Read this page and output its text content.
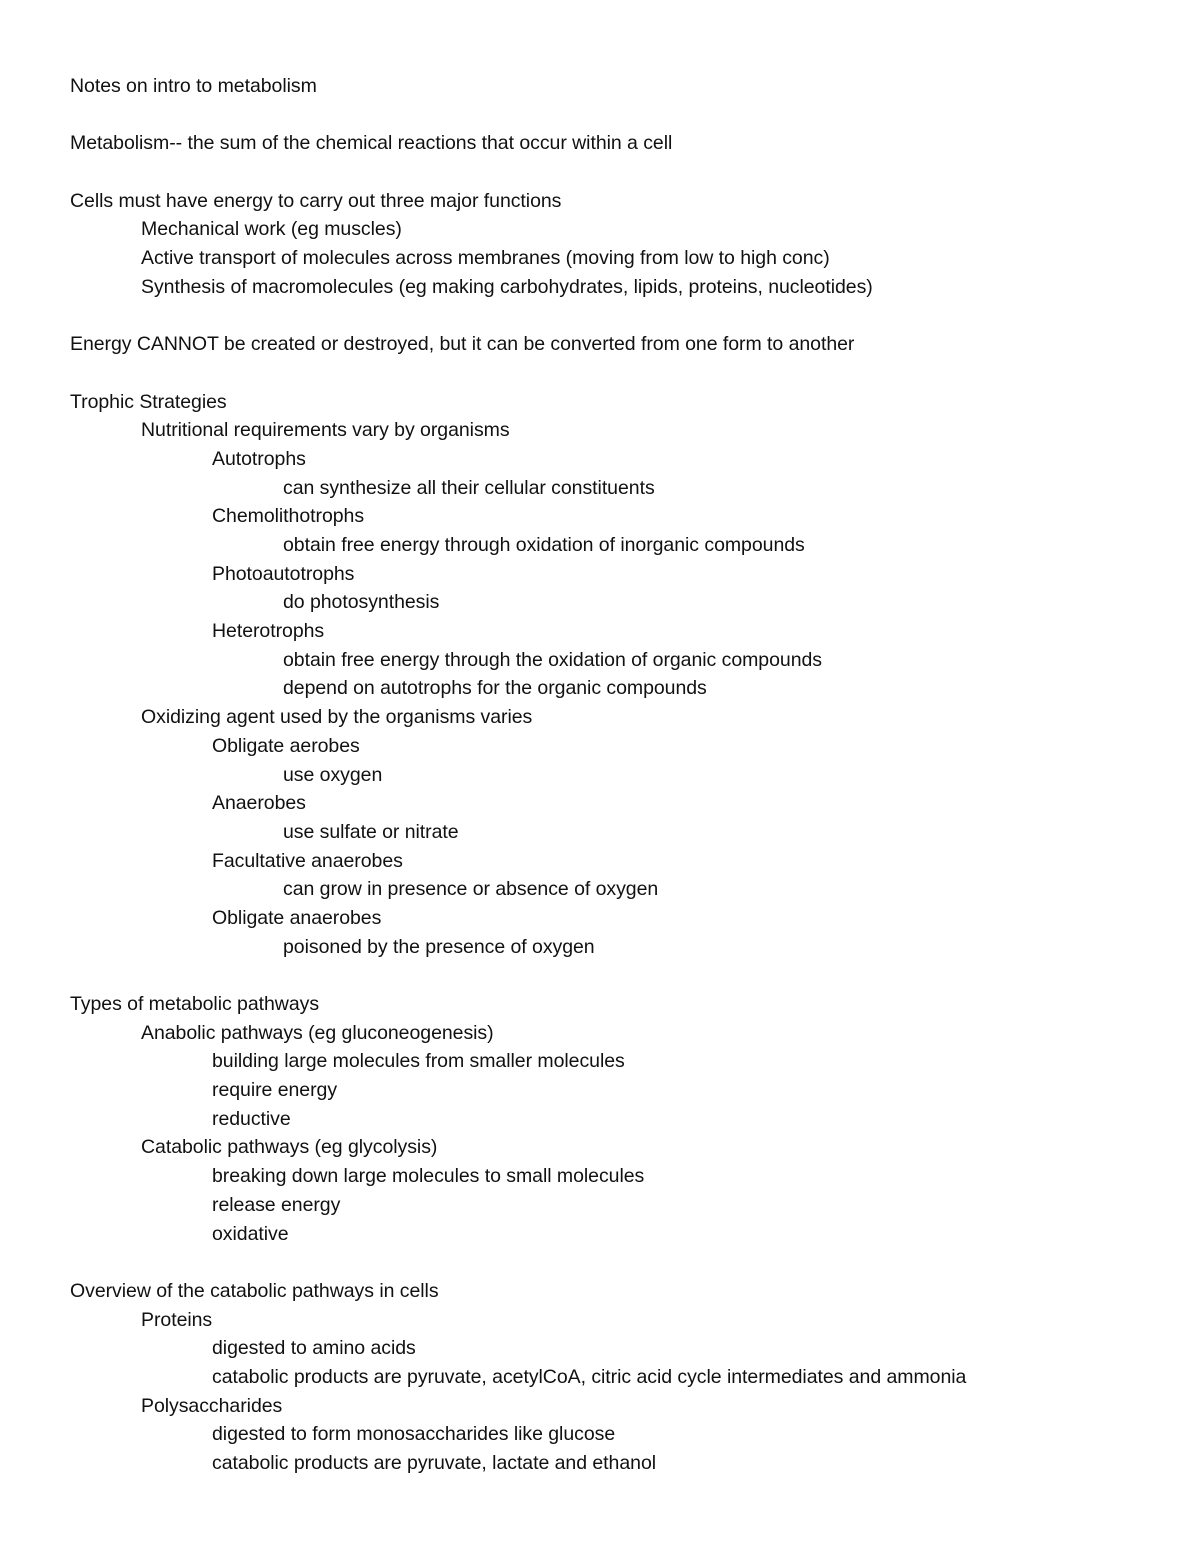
Notes on intro to metabolism
Metabolism-- the sum of the chemical reactions that occur within a cell
Cells must have energy to carry out three major functions
Mechanical work (eg muscles)
Active transport of molecules across membranes (moving from low to high conc)
Synthesis of macromolecules (eg making carbohydrates, lipids, proteins, nucleotides)
Energy CANNOT be created or destroyed, but it can be converted from one form to another
Trophic Strategies
Nutritional requirements vary by organisms
Autotrophs
can synthesize all their cellular constituents
Chemolithotrophs
obtain free energy through oxidation of inorganic compounds
Photoautotrophs
do photosynthesis
Heterotrophs
obtain free energy through the oxidation of organic compounds
depend on autotrophs for the organic compounds
Oxidizing agent used by the organisms varies
Obligate aerobes
use oxygen
Anaerobes
use sulfate or nitrate
Facultative anaerobes
can grow in presence or absence of oxygen
Obligate anaerobes
poisoned by the presence of oxygen
Types of metabolic pathways
Anabolic pathways (eg gluconeogenesis)
building large molecules from smaller molecules
require energy
reductive
Catabolic pathways (eg glycolysis)
breaking down large molecules to small molecules
release energy
oxidative
Overview of the catabolic pathways in cells
Proteins
digested to amino acids
catabolic products are pyruvate, acetylCoA, citric acid cycle intermediates and ammonia
Polysaccharides
digested to form monosaccharides like glucose
catabolic products are pyruvate, lactate and ethanol
